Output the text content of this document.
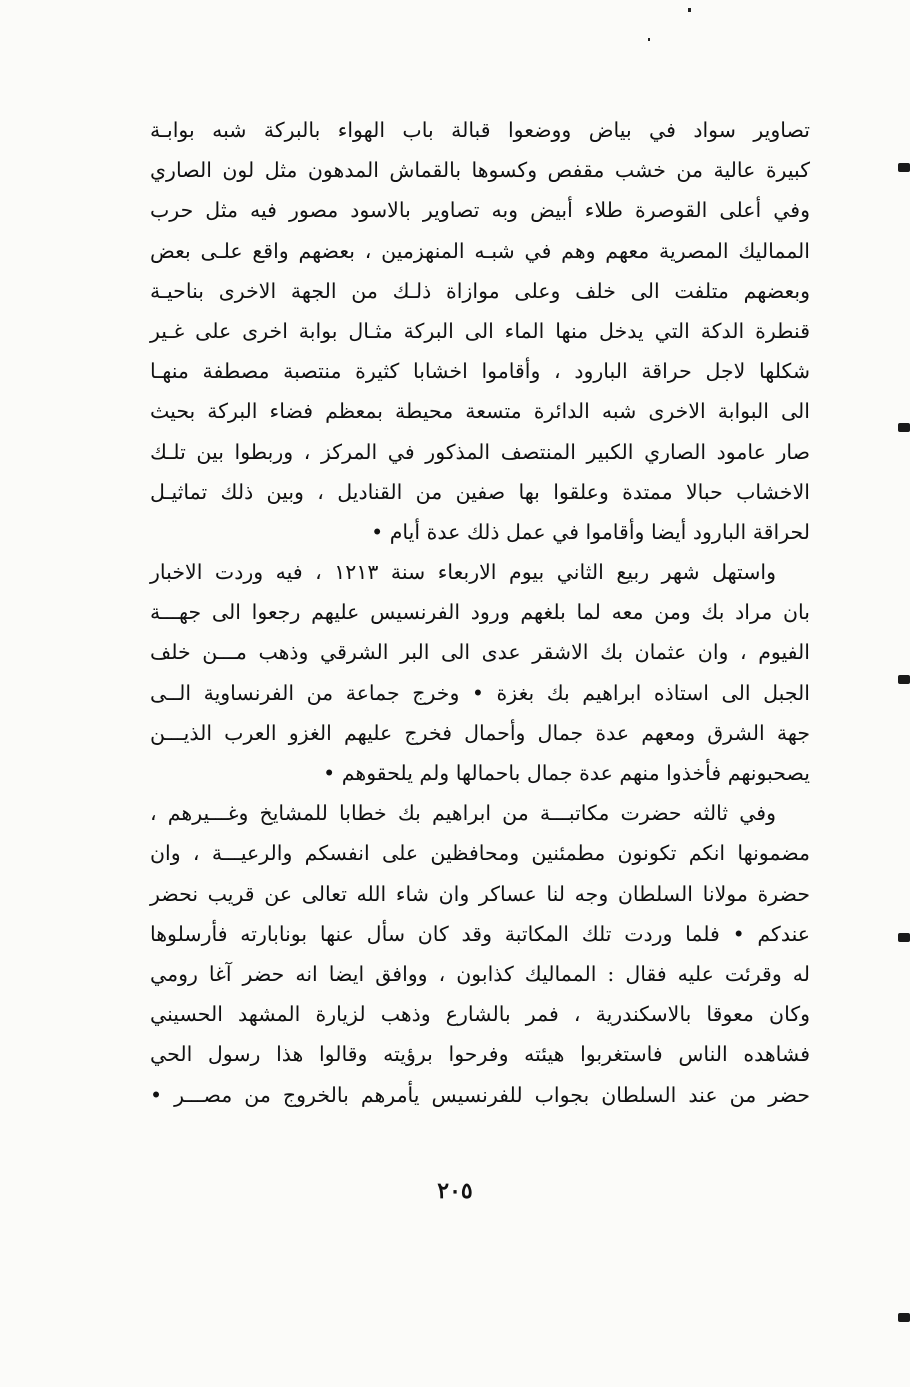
تصاوير سواد في بياض ووضعوا قبالة باب الهواء بالبركة شبه بوابـة
كبيرة عالية من خشب مقفص وكسوها بالقماش المدهون مثل لون الصاري
وفي أعلى القوصرة طلاء أبيض وبه تصاوير بالاسود مصور فيه مثل حرب
المماليك المصرية معهم وهم في شبـه المنهزمين ، بعضهم واقع علـى بعض
وبعضهم متلفت الى خلف وعلى موازاة ذلـك من الجهة الاخرى بناحيـة
قنطرة الدكة التي يدخل منها الماء الى البركة مثـال بوابة اخرى على غـير
شكلها لاجل حراقة البارود ، وأقاموا اخشابا كثيرة منتصبة مصطفة منهـا
الى البوابة الاخرى شبه الدائرة متسعة محيطة بمعظم فضاء البركة بحيث
صار عامود الصاري الكبير المنتصف المذكور في المركز ، وربطوا بين تلـك
الاخشاب حبالا ممتدة وعلقوا بها صفين من القناديل ، وبين ذلك تماثيـل
لحراقة البارود أيضا وأقاموا في عمل ذلك عدة أيام •
واستهل شهر ربيع الثاني بيوم الاربعاء سنة ١٢١٣ ، فيه وردت الاخبار
بان مراد بك ومن معه لما بلغهم ورود الفرنسيس عليهم رجعوا الى جهـــة
الفيوم ، وان عثمان بك الاشقر عدى الى البر الشرقي وذهب مـــن خلف
الجبل الى استاذه ابراهيم بك بغزة • وخرج جماعة من الفرنساوية الــى
جهة الشرق ومعهم عدة جمال وأحمال فخرج عليهم الغزو العرب الذيـــن
يصحبونهم فأخذوا منهم عدة جمال باحمالها ولم يلحقوهم •
وفي ثالثه حضرت مكاتبـــة من ابراهيم بك خطابا للمشايخ وغـــيرهم ،
مضمونها انكم تكونون مطمئنين ومحافظين على انفسكم والرعيـــة ، وان
حضرة مولانا السلطان وجه لنا عساكر وان شاء الله تعالى عن قريب نحضر
عندكم • فلما وردت تلك المكاتبة وقد كان سأل عنها بونابارته فأرسلوها
له وقرئت عليه فقال : المماليك كذابون ، ووافق ايضا انه حضر آغا رومي
وكان معوقا بالاسكندرية ، فمر بالشارع وذهب لزيارة المشهد الحسيني
فشاهده الناس فاستغربوا هيئته وفرحوا برؤيته وقالوا هذا رسول الحي
حضر من عند السلطان بجواب للفرنسيس يأمرهم بالخروج من مصـــر •
٢٠٥
